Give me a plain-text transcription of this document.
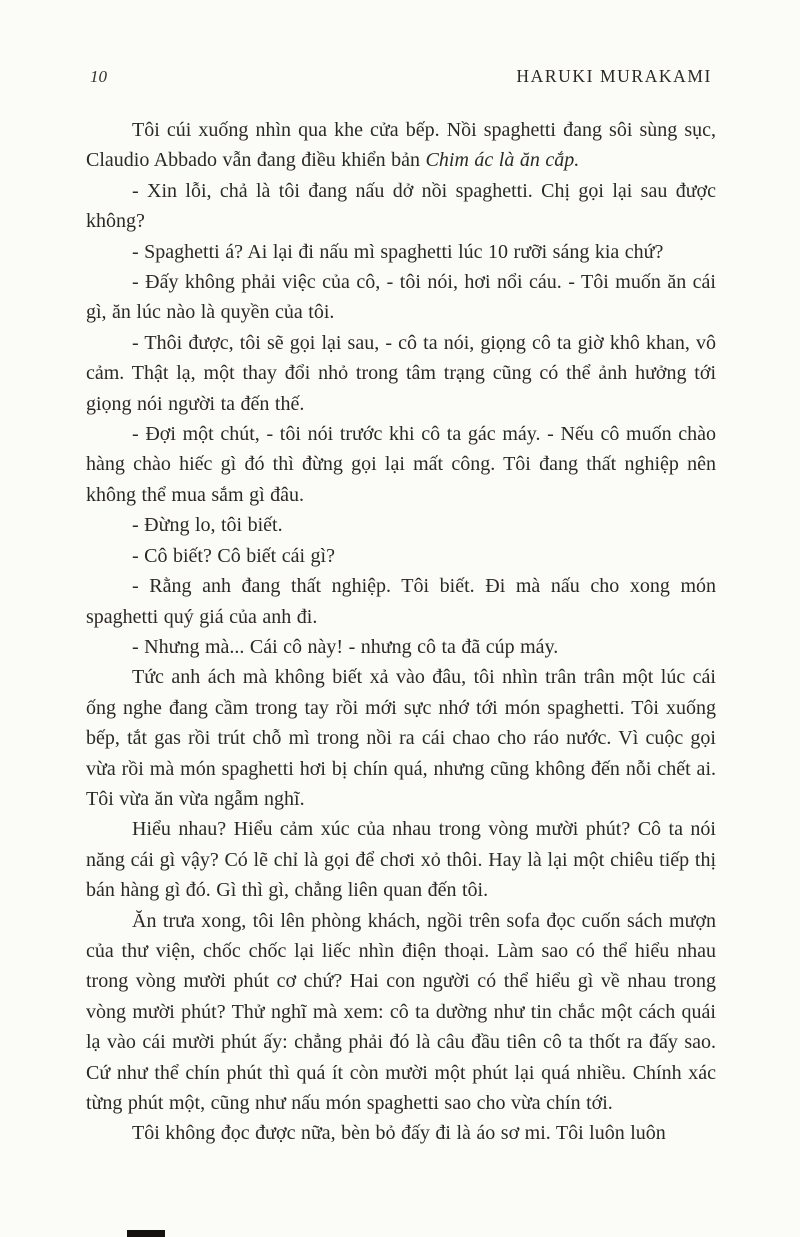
10	HARUKI MURAKAMI

Tôi cúi xuống nhìn qua khe cửa bếp. Nồi spaghetti đang sôi sùng sục, Claudio Abbado vẫn đang điều khiển bản Chim ác là ăn cắp.

- Xin lỗi, chả là tôi đang nấu dở nồi spaghetti. Chị gọi lại sau được không?

- Spaghetti á? Ai lại đi nấu mì spaghetti lúc 10 rưỡi sáng kia chứ?

- Đấy không phải việc của cô, - tôi nói, hơi nổi cáu. - Tôi muốn ăn cái gì, ăn lúc nào là quyền của tôi.

- Thôi được, tôi sẽ gọi lại sau, - cô ta nói, giọng cô ta giờ khô khan, vô cảm. Thật lạ, một thay đổi nhỏ trong tâm trạng cũng có thể ảnh hưởng tới giọng nói người ta đến thế.

- Đợi một chút, - tôi nói trước khi cô ta gác máy. - Nếu cô muốn chào hàng chào hiếc gì đó thì đừng gọi lại mất công. Tôi đang thất nghiệp nên không thể mua sắm gì đâu.

- Đừng lo, tôi biết.

- Cô biết? Cô biết cái gì?

- Rằng anh đang thất nghiệp. Tôi biết. Đi mà nấu cho xong món spaghetti quý giá của anh đi.

- Nhưng mà... Cái cô này! - nhưng cô ta đã cúp máy.

Tức anh ách mà không biết xả vào đâu, tôi nhìn trân trân một lúc cái ống nghe đang cầm trong tay rồi mới sực nhớ tới món spaghetti. Tôi xuống bếp, tắt gas rồi trút chỗ mì trong nồi ra cái chao cho ráo nước. Vì cuộc gọi vừa rồi mà món spaghetti hơi bị chín quá, nhưng cũng không đến nỗi chết ai. Tôi vừa ăn vừa ngẫm nghĩ.

Hiểu nhau? Hiểu cảm xúc của nhau trong vòng mười phút? Cô ta nói năng cái gì vậy? Có lẽ chỉ là gọi để chơi xỏ thôi. Hay là lại một chiêu tiếp thị bán hàng gì đó. Gì thì gì, chẳng liên quan đến tôi.

Ăn trưa xong, tôi lên phòng khách, ngồi trên sofa đọc cuốn sách mượn của thư viện, chốc chốc lại liếc nhìn điện thoại. Làm sao có thể hiểu nhau trong vòng mười phút cơ chứ? Hai con người có thể hiểu gì về nhau trong vòng mười phút? Thử nghĩ mà xem: cô ta dường như tin chắc một cách quái lạ vào cái mười phút ấy: chẳng phải đó là câu đầu tiên cô ta thốt ra đấy sao. Cứ như thể chín phút thì quá ít còn mười một phút lại quá nhiều. Chính xác từng phút một, cũng như nấu món spaghetti sao cho vừa chín tới.

Tôi không đọc được nữa, bèn bỏ đấy đi là áo sơ mi. Tôi luôn luôn
